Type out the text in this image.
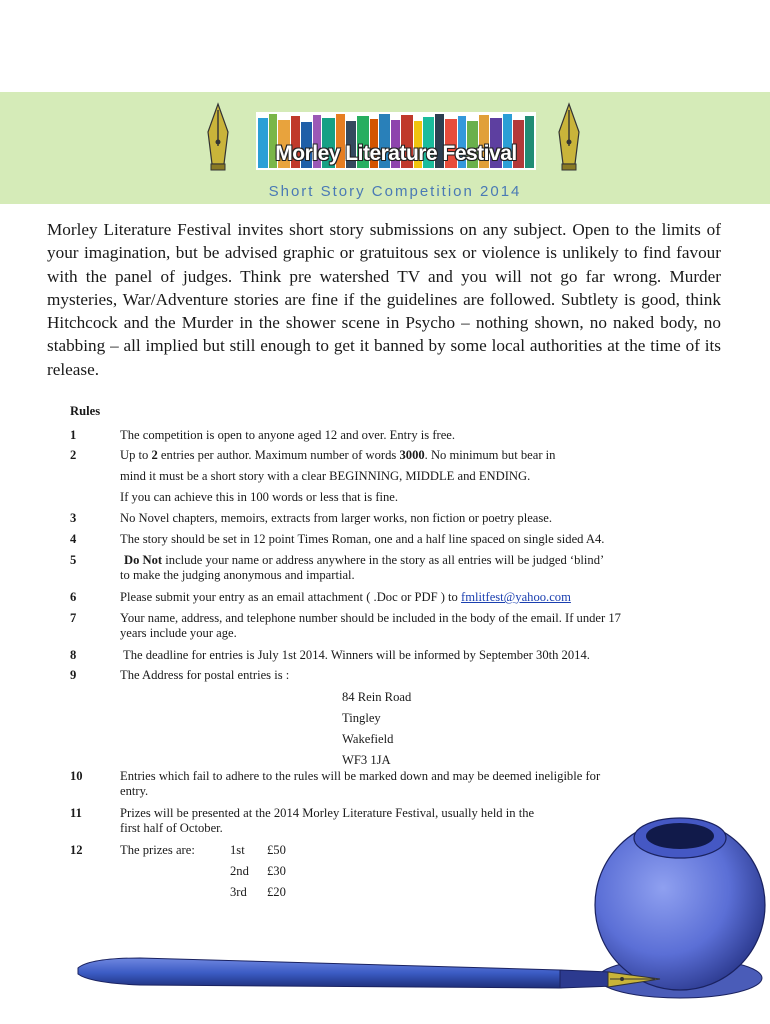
Morley Literature Festival
Short Story Competition 2014

Morley Literature Festival invites short story submissions on any subject. Open to the limits of your imagination, but be advised graphic or gratuitous sex or violence is unlikely to find favour with the panel of judges. Think pre watershed TV and you will not go far wrong. Murder mysteries, War/Adventure stories are fine if the guidelines are followed. Subtlety is good, think Hitchcock and the Murder in the shower scene in Psycho – nothing shown, no naked body, no stabbing – all implied but still enough to get it banned by some local authorities at the time of its release.

Rules
1	The competition is open to anyone aged 12 and over. Entry is free.
2	Up to 2 entries per author. Maximum number of words 3000. No minimum but bear in
mind it must be a short story with a clear BEGINNING, MIDDLE and ENDING.
If you can achieve this in 100 words or less that is fine.
3	No Novel chapters, memoirs, extracts from larger works, non fiction or poetry please.
4	The story should be set in 12 point Times Roman, one and a half line spaced on single sided A4.
5	Do Not include your name or address anywhere in the story as all entries will be judged ‘blind’
to make the judging anonymous and impartial.
6	Please submit your entry as an email attachment ( .Doc or PDF ) to fmlitfest@yahoo.com
7	Your name, address, and telephone number should be included in the body of the email. If under 17
years include your age.
8	The deadline for entries is July 1st 2014. Winners will be informed by September 30th 2014.
9	The Address for postal entries is :
84 Rein Road
Tingley
Wakefield
WF3 1JA
10	Entries which fail to adhere to the rules will be marked down and may be deemed ineligible for
entry.
11	Prizes will be presented at the 2014 Morley Literature Festival, usually held in the
first half of October.
12	The prizes are:	1st £50
2nd £30
3rd £20
